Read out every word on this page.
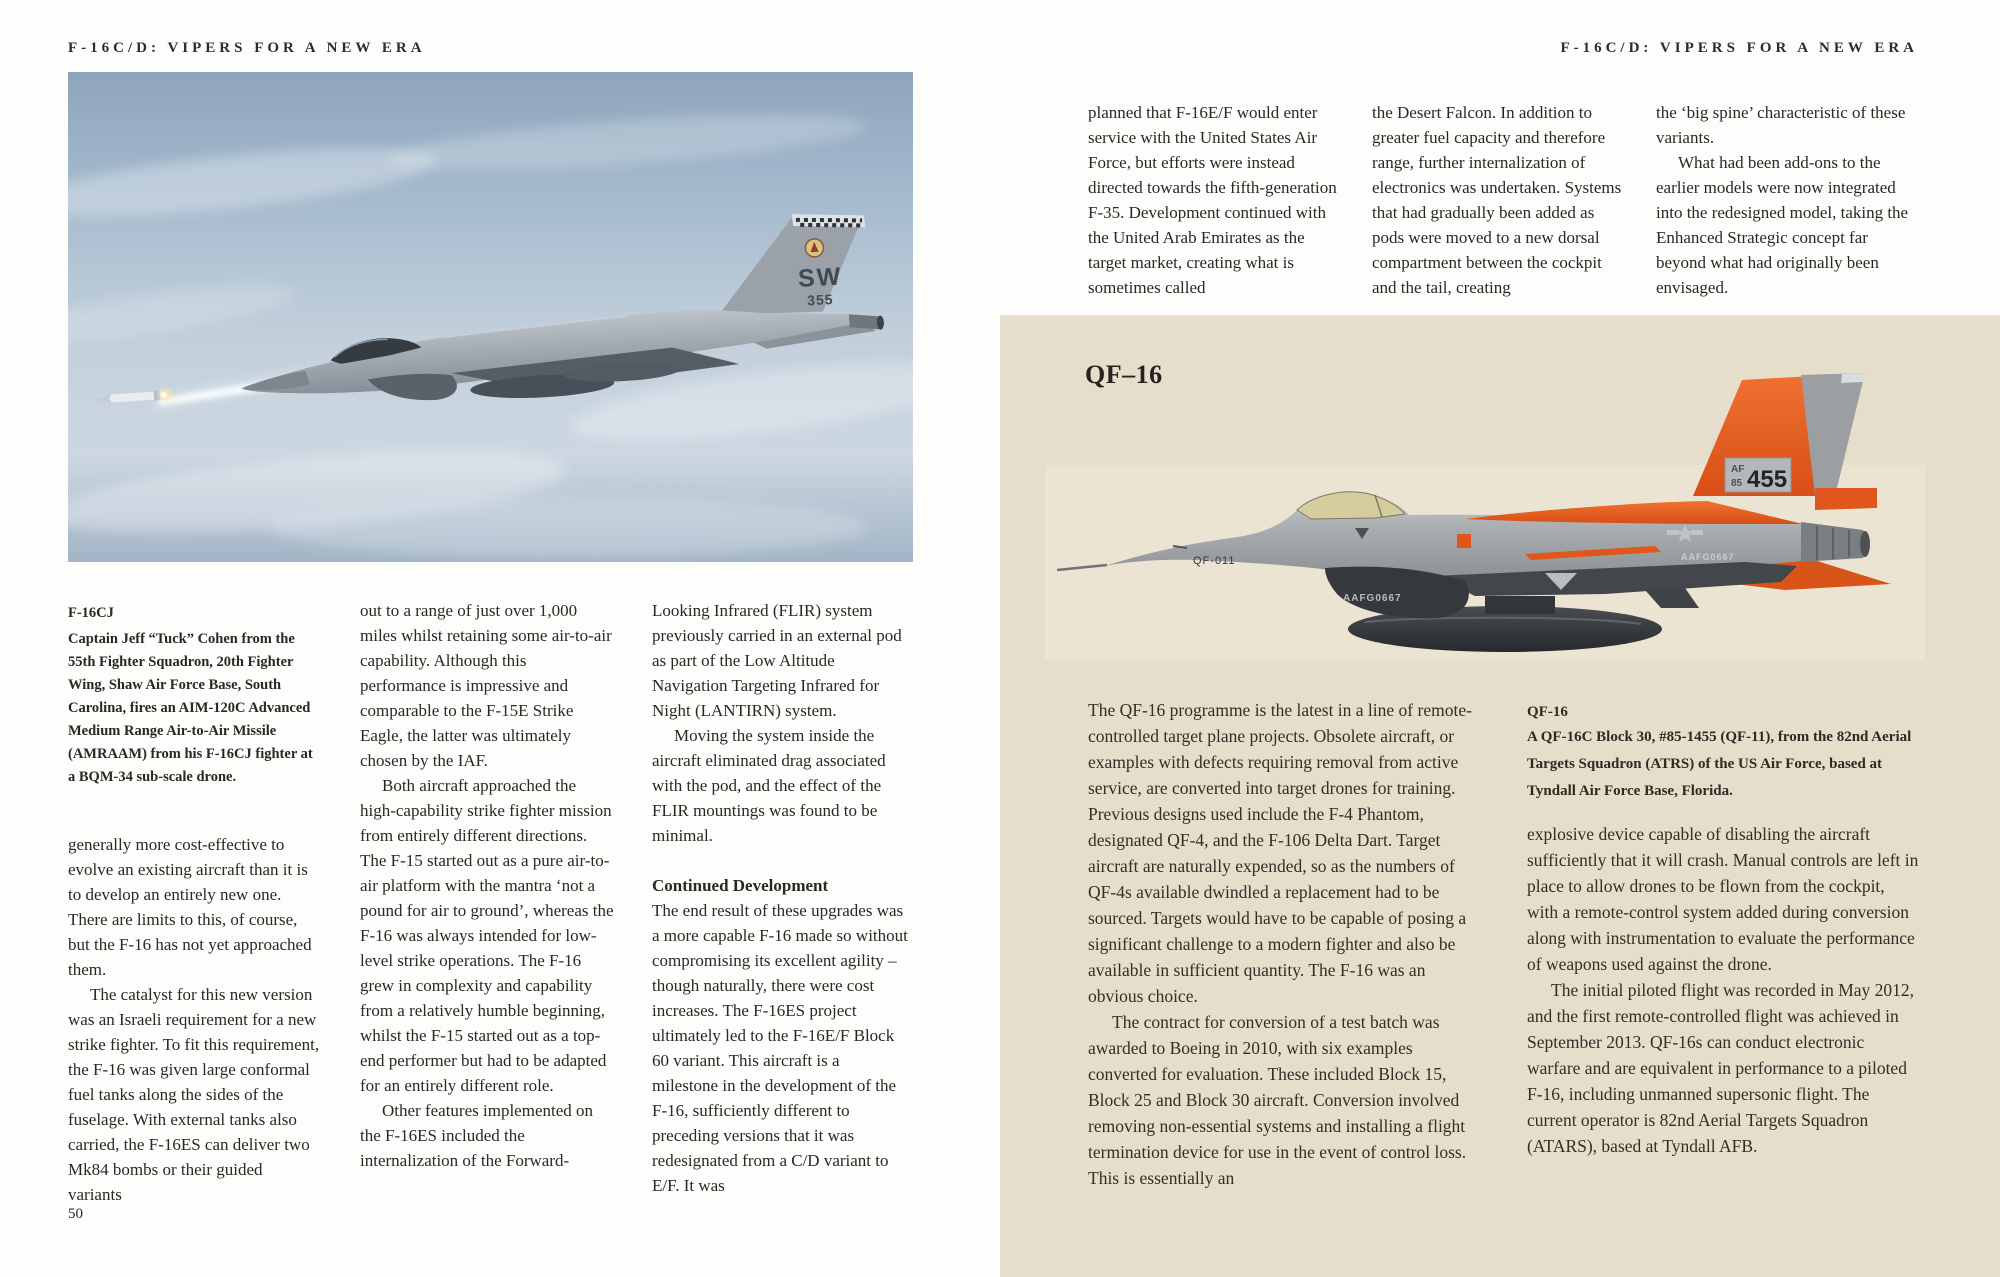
F-16C/D: VIPERS FOR A NEW ERA
SW
355
F-16CJ
Captain Jeff “Tuck” Cohen from the 55th Fighter Squadron, 20th Fighter Wing, Shaw Air Force Base, South Carolina, fires an AIM-120C Advanced Medium Range Air-to-Air Missile (AMRAAM) from his F-16CJ fighter at a BQM-34 sub-scale drone.

generally more cost-effective to evolve an existing aircraft than it is to develop an entirely new one. There are limits to this, of course, but the F-16 has not yet approached them.

The catalyst for this new version was an Israeli requirement for a new strike fighter. To fit this requirement, the F-16 was given large conformal fuel tanks along the sides of the fuselage. With external tanks also carried, the F-16ES can deliver two Mk84 bombs or their guided variants

out to a range of just over 1,000 miles whilst retaining some air-to-air capability. Although this performance is impressive and comparable to the F-15E Strike Eagle, the latter was ultimately chosen by the IAF.

Both aircraft approached the high-capability strike fighter mission from entirely different directions. The F-15 started out as a pure air-to-air platform with the mantra ‘not a pound for air to ground’, whereas the F-16 was always intended for low-level strike operations. The F-16 grew in complexity and capability from a relatively humble beginning, whilst the F-15 started out as a top-end performer but had to be adapted for an entirely different role.

Other features implemented on the F-16ES included the internalization of the Forward-

Looking Infrared (FLIR) system previously carried in an external pod as part of the Low Altitude Navigation Targeting Infrared for Night (LANTIRN) system.

Moving the system inside the aircraft eliminated drag associated with the pod, and the effect of the FLIR mountings was found to be minimal.

Continued Development

The end result of these upgrades was a more capable F-16 made so without compromising its excellent agility – though naturally, there were cost increases. The F-16ES project ultimately led to the F-16E/F Block 60 variant. This aircraft is a milestone in the development of the F-16, sufficiently different to preceding versions that it was redesignated from a C/D variant to E/F. It was

50
F-16C/D: VIPERS FOR A NEW ERA

planned that F-16E/F would enter service with the United States Air Force, but efforts were instead directed towards the fifth-generation F-35. Development continued with the United Arab Emirates as the target market, creating what is sometimes called

the Desert Falcon. In addition to greater fuel capacity and therefore range, further internalization of electronics was undertaken. Systems that had gradually been added as pods were moved to a new dorsal compartment between the cockpit and the tail, creating

the ‘big spine’ characteristic of these variants.

What had been add-ons to the earlier models were now integrated into the redesigned model, taking the Enhanced Strategic concept far beyond what had originally been envisaged.

QF–16
AF
85 455
QF-011
AAFG0667
AAFG0667

The QF-16 programme is the latest in a line of remote-controlled target plane projects. Obsolete aircraft, or examples with defects requiring removal from active service, are converted into target drones for training. Previous designs used include the F-4 Phantom, designated QF-4, and the F-106 Delta Dart. Target aircraft are naturally expended, so as the numbers of QF-4s available dwindled a replacement had to be sourced. Targets would have to be capable of posing a significant challenge to a modern fighter and also be available in sufficient quantity. The F-16 was an obvious choice.

The contract for conversion of a test batch was awarded to Boeing in 2010, with six examples converted for evaluation. These included Block 15, Block 25 and Block 30 aircraft. Conversion involved removing non-essential systems and installing a flight termination device for use in the event of control loss. This is essentially an

QF-16
A QF-16C Block 30, #85-1455 (QF-11), from the 82nd Aerial Targets Squadron (ATRS) of the US Air Force, based at Tyndall Air Force Base, Florida.

explosive device capable of disabling the aircraft sufficiently that it will crash. Manual controls are left in place to allow drones to be flown from the cockpit, with a remote-control system added during conversion along with instrumentation to evaluate the performance of weapons used against the drone.

The initial piloted flight was recorded in May 2012, and the first remote-controlled flight was achieved in September 2013. QF-16s can conduct electronic warfare and are equivalent in performance to a piloted F-16, including unmanned supersonic flight. The current operator is 82nd Aerial Targets Squadron (ATARS), based at Tyndall AFB.
